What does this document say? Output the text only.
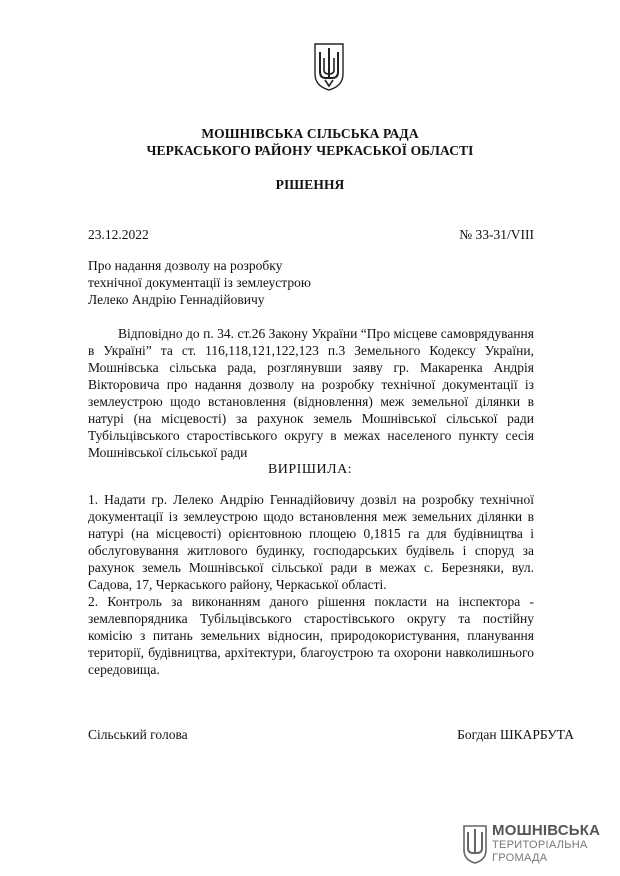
МОШНІВСЬКА СІЛЬСЬКА РАДА
ЧЕРКАСЬКОГО РАЙОНУ ЧЕРКАСЬКОЇ ОБЛАСТІ
РІШЕННЯ
23.12.2022	№ 33-31/VIII
Про надання дозволу на розробку
технічної документації із землеустрою
Лелеко Андрію Геннадійовичу
Відповідно до п. 34. ст.26 Закону України “Про місцеве самоврядування в Україні” та ст. 116,118,121,122,123 п.3 Земельного Кодексу України, Мошнівська сільська рада, розглянувши заяву гр. Макаренка Андрія Вікторовича про надання дозволу на розробку технічної документації із землеустрою щодо встановлення (відновлення) меж земельної ділянки в натурі (на місцевості) за рахунок земель Мошнівської сільської ради Тубільцівського старостівського округу в межах населеного пункту сесія Мошнівської сільської ради
ВИРІШИЛА:

1. Надати гр. Лелеко Андрію Геннадійовичу дозвіл на розробку технічної документації із землеустрою щодо встановлення меж земельних ділянки в натурі (на місцевості) орієнтовною площею 0,1815 га для будівництва і обслуговування житлового будинку, господарських будівель і споруд за рахунок земель Мошнівської сільської ради в межах с. Березняки, вул. Садова, 17, Черкаського району, Черкаської області.

2. Контроль за виконанням даного рішення покласти на інспектора - землевпорядника Тубільцівського старостівського округу та постійну комісію з питань земельних відносин, природокористування, планування території, будівництва, архітектури, благоустрою та охорони навколишнього середовища.

Сільський голова	Богдан ШКАРБУТА
МОШНІВСЬКА
ТЕРИТОРІАЛЬНА
ГРОМАДА
